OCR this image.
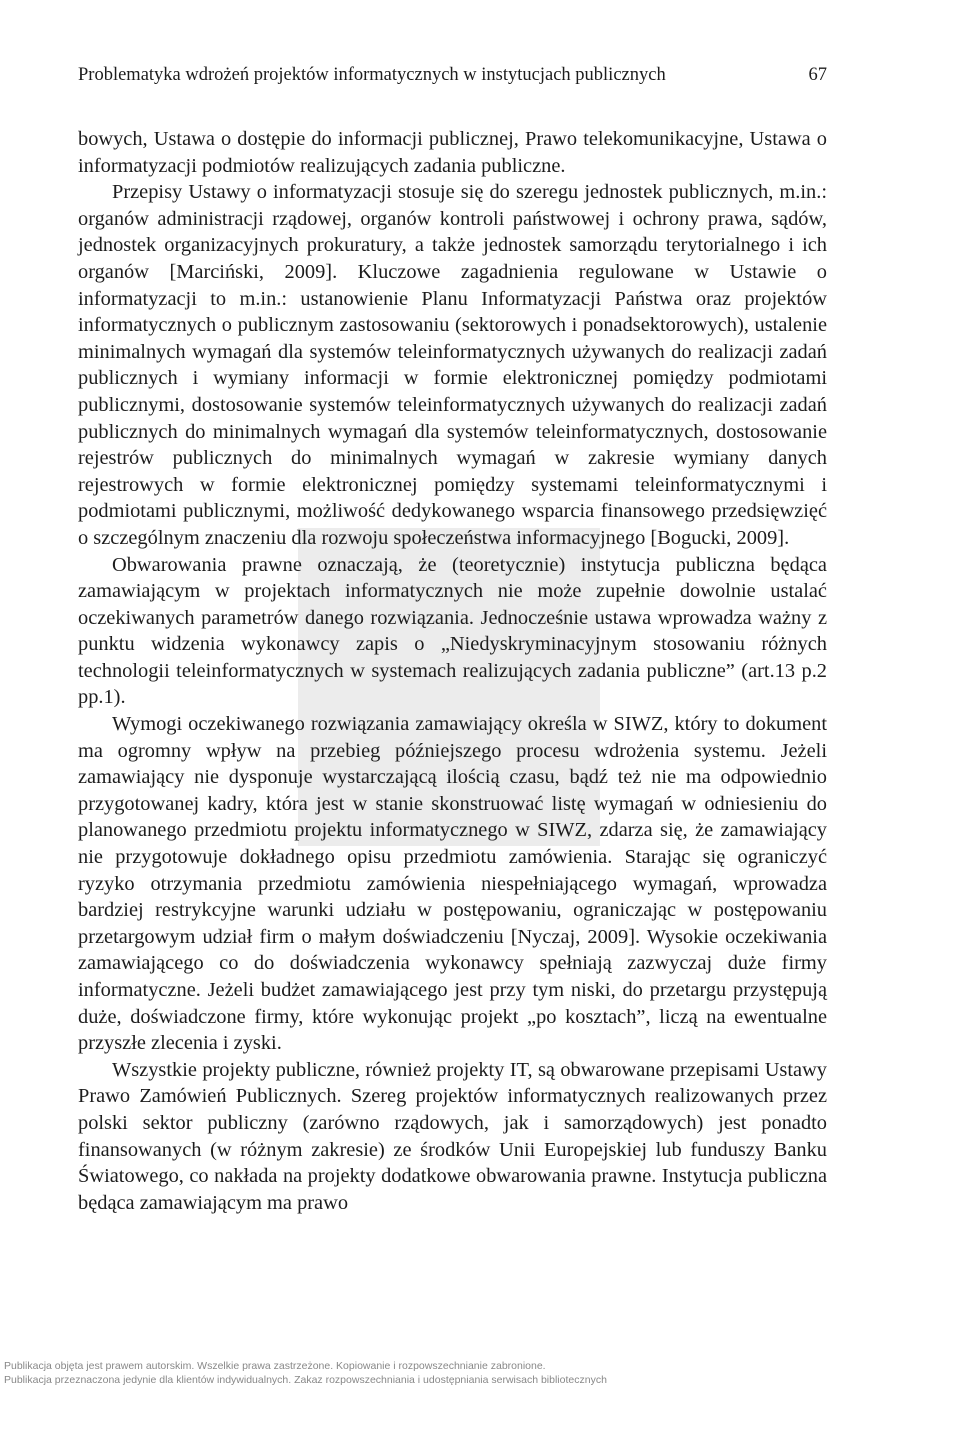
Problematyka wdrożeń projektów informatycznych w instytucjach publicznych	67

bowych, Ustawa o dostępie do informacji publicznej, Prawo telekomunikacyjne, Ustawa o informatyzacji podmiotów realizujących zadania publiczne.

Przepisy Ustawy o informatyzacji stosuje się do szeregu jednostek publicznych, m.in.: organów administracji rządowej, organów kontroli państwowej i ochrony prawa, sądów, jednostek organizacyjnych prokuratury, a także jednostek samorządu terytorialnego i ich organów [Marciński, 2009]. Kluczowe zagadnienia regulowane w Ustawie o informatyzacji to m.in.: ustanowienie Planu Informatyzacji Państwa oraz projektów informatycznych o publicznym zastosowaniu (sektorowych i ponadsektorowych), ustalenie minimalnych wymagań dla systemów teleinformatycznych używanych do realizacji zadań publicznych i wymiany informacji w formie elektronicznej pomiędzy podmiotami publicznymi, dostosowanie systemów teleinformatycznych używanych do realizacji zadań publicznych do minimalnych wymagań dla systemów teleinformatycznych, dostosowanie rejestrów publicznych do minimalnych wymagań w zakresie wymiany danych rejestrowych w formie elektronicznej pomiędzy systemami teleinformatycznymi i podmiotami publicznymi, możliwość dedykowanego wsparcia finansowego przedsięwzięć o szczególnym znaczeniu dla rozwoju społeczeństwa informacyjnego [Bogucki, 2009].

Obwarowania prawne oznaczają, że (teoretycznie) instytucja publiczna będąca zamawiającym w projektach informatycznych nie może zupełnie dowolnie ustalać oczekiwanych parametrów danego rozwiązania. Jednocześnie ustawa wprowadza ważny z punktu widzenia wykonawcy zapis o „Niedyskryminacyjnym stosowaniu różnych technologii teleinformatycznych w systemach realizujących zadania publiczne” (art.13 p.2 pp.1).

Wymogi oczekiwanego rozwiązania zamawiający określa w SIWZ, który to dokument ma ogromny wpływ na przebieg późniejszego procesu wdrożenia systemu. Jeżeli zamawiający nie dysponuje wystarczającą ilością czasu, bądź też nie ma odpowiednio przygotowanej kadry, która jest w stanie skonstruować listę wymagań w odniesieniu do planowanego przedmiotu projektu informatycznego w SIWZ, zdarza się, że zamawiający nie przygotowuje dokładnego opisu przedmiotu zamówienia. Starając się ograniczyć ryzyko otrzymania przedmiotu zamówienia niespełniającego wymagań, wprowadza bardziej restrykcyjne warunki udziału w postępowaniu, ograniczając w postępowaniu przetargowym udział firm o małym doświadczeniu [Nyczaj, 2009]. Wysokie oczekiwania zamawiającego co do doświadczenia wykonawcy spełniają zazwyczaj duże firmy informatyczne. Jeżeli budżet zamawiającego jest przy tym niski, do przetargu przystępują duże, doświadczone firmy, które wykonując projekt „po kosztach”, liczą na ewentualne przyszłe zlecenia i zyski.

Wszystkie projekty publiczne, również projekty IT, są obwarowane przepisami Ustawy Prawo Zamówień Publicznych. Szereg projektów informatycznych realizowanych przez polski sektor publiczny (zarówno rządowych, jak i samorządowych) jest ponadto finansowanych (w różnym zakresie) ze środków Unii Europejskiej lub funduszy Banku Światowego, co nakłada na projekty dodatkowe obwarowania prawne. Instytucja publiczna będąca zamawiającym ma prawo

Publikacja objęta jest prawem autorskim. Wszelkie prawa zastrzeżone. Kopiowanie i rozpowszechnianie zabronione.
Publikacja przeznaczona jedynie dla klientów indywidualnych. Zakaz rozpowszechniania i udostępniania serwisach bibliotecznych
